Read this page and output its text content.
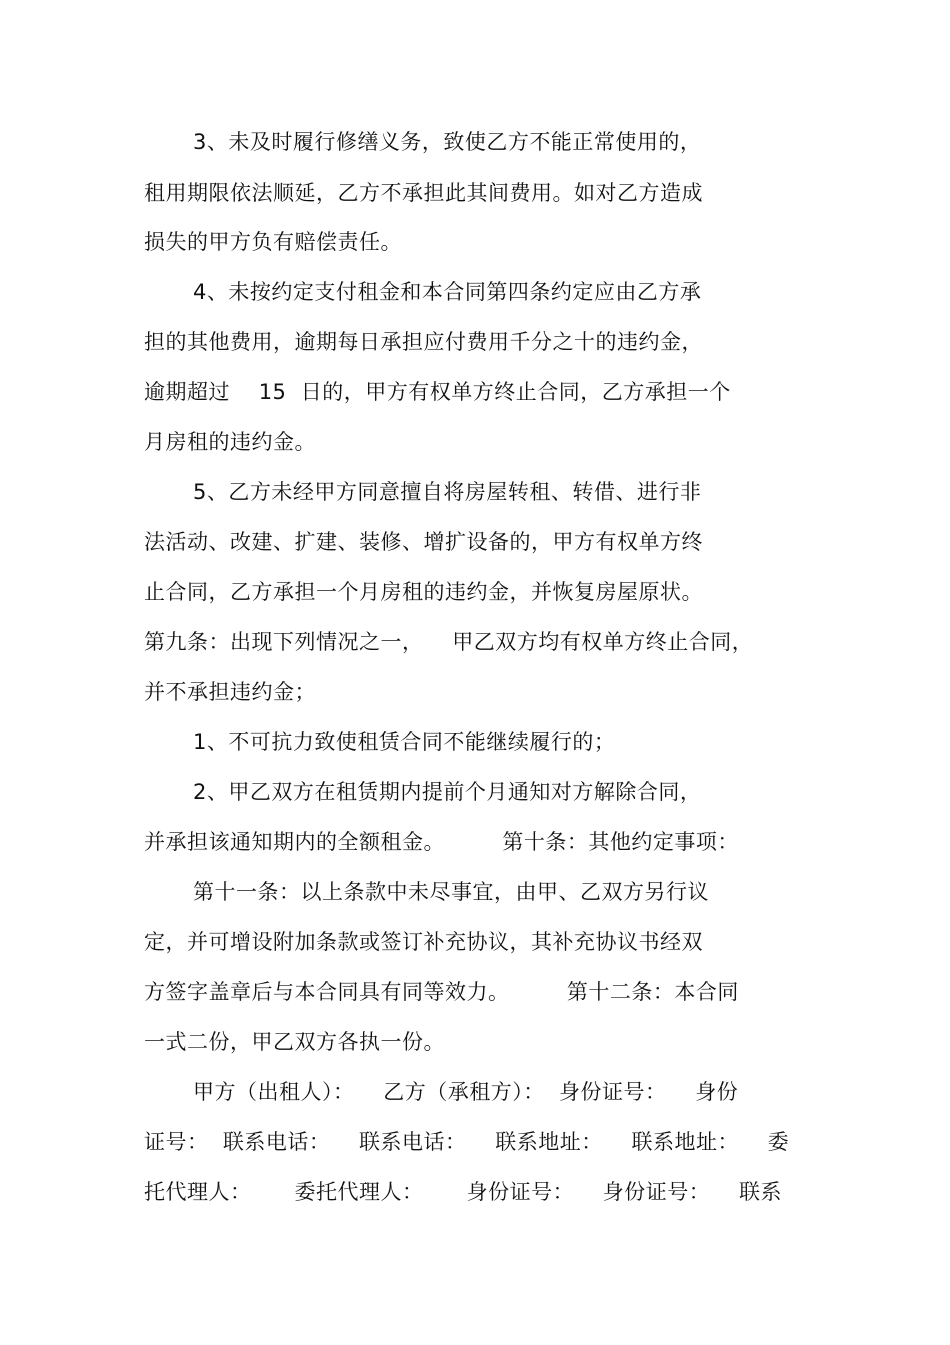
3、未及时履行修缮义务，致使乙方不能正常使用的，
租用期限依法顺延，乙方不承担此其间费用。如对乙方造成
损失的甲方负有赔偿责任。
4、未按约定支付租金和本合同第四条约定应由乙方承
担的其他费用，逾期每日承担应付费用千分之十的违约金，
逾期超过    15  日的，甲方有权单方终止合同，乙方承担一个
月房租的违约金。
5、乙方未经甲方同意擅自将房屋转租、转借、进行非
法活动、改建、扩建、装修、增扩设备的，甲方有权单方终
止合同，乙方承担一个月房租的违约金，并恢复房屋原状。
第九条：出现下列情况之一，    甲乙双方均有权单方终止合同，
并不承担违约金；
1、不可抗力致使租赁合同不能继续履行的；
2、甲乙双方在租赁期内提前个月通知对方解除合同，
并承担该通知期内的全额租金。        第十条：其他约定事项：
第十一条：以上条款中未尽事宜，由甲、乙双方另行议
定，并可增设附加条款或签订补充协议，其补充协议书经双
方签字盖章后与本合同具有同等效力。        第十二条：本合同
一式二份，甲乙双方各执一份。
甲方（出租人）：    乙方（承租方）：  身份证号：    身份
证号：  联系电话：    联系电话：    联系地址：    联系地址：    委
托代理人：      委托代理人：      身份证号：    身份证号：    联系
